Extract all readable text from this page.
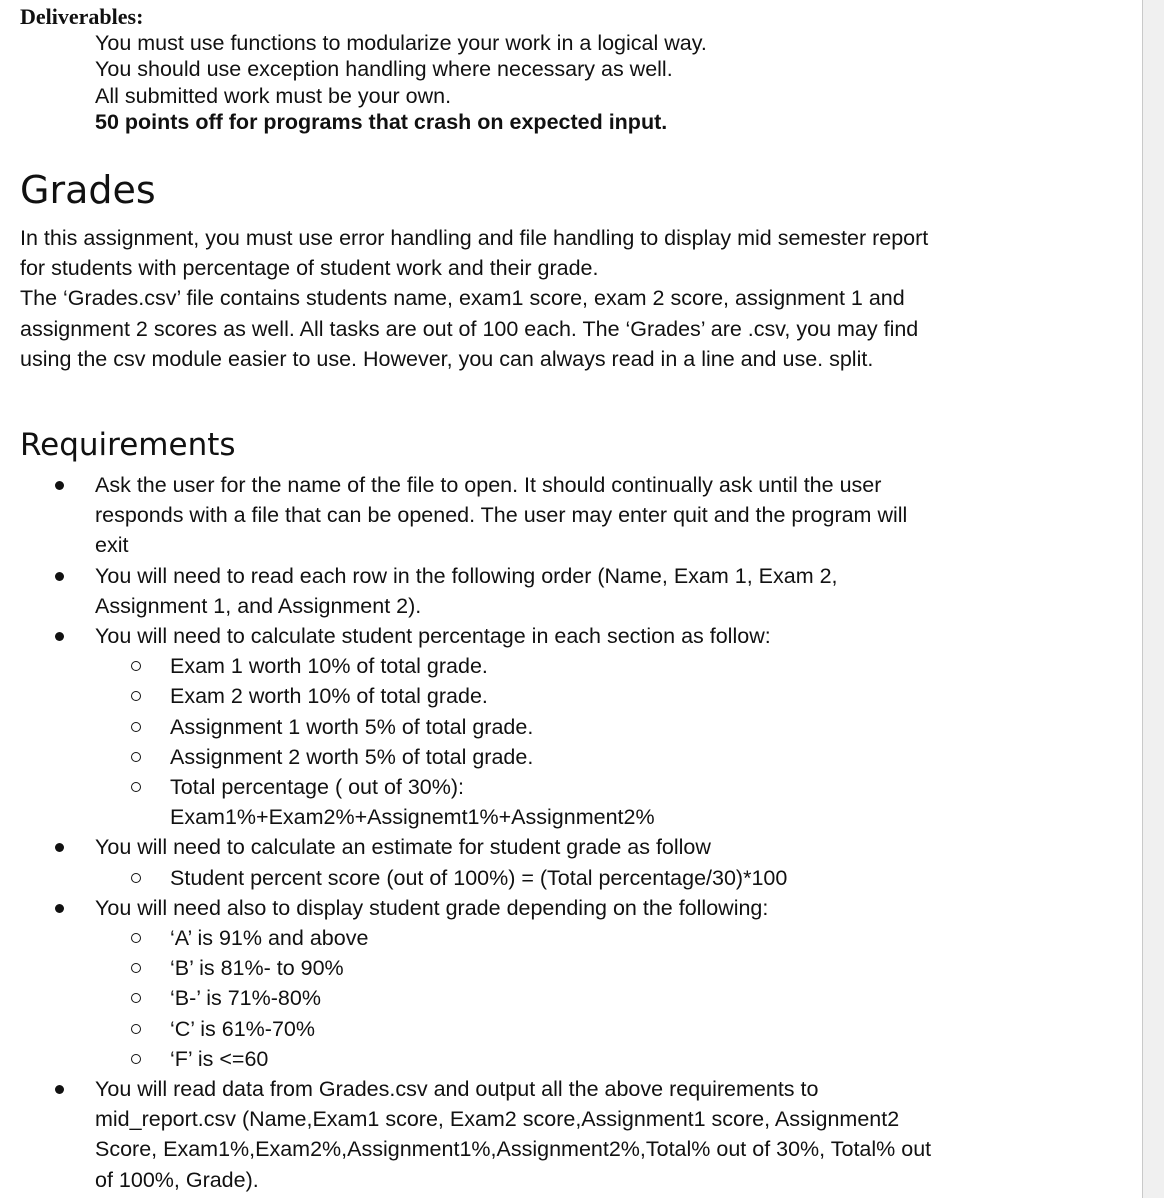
Deliverables:
You must use functions to modularize your work in a logical way.
You should use exception handling where necessary as well.
All submitted work must be your own.
50 points off for programs that crash on expected input.
Grades
In this assignment, you must use error handling and file handling to display mid semester report
for students with percentage of student work and their grade.
The ‘Grades.csv’ file contains students name, exam1 score, exam 2 score, assignment 1 and
assignment 2 scores as well. All tasks are out of 100 each. The ‘Grades’ are .csv, you may find
using the csv module easier to use. However, you can always read in a line and use. split.
Requirements
Ask the user for the name of the file to open. It should continually ask until the user
responds with a file that can be opened. The user may enter quit and the program will
exit
You will need to read each row in the following order (Name, Exam 1, Exam 2,
Assignment 1, and Assignment 2).
You will need to calculate student percentage in each section as follow:
Exam 1 worth 10% of total grade.
Exam 2 worth 10% of total grade.
Assignment 1 worth 5% of total grade.
Assignment 2 worth 5% of total grade.
Total percentage ( out of 30%):
Exam1%+Exam2%+Assignemt1%+Assignment2%
You will need to calculate an estimate for student grade as follow
Student percent score (out of 100%) = (Total percentage/30)*100
You will need also to display student grade depending on the following:
‘A’ is 91% and above
‘B’ is 81%- to 90%
‘B-’ is 71%-80%
‘C’ is 61%-70%
‘F’ is <=60
You will read data from Grades.csv and output all the above requirements to
mid_report.csv (Name,Exam1 score, Exam2 score,Assignment1 score, Assignment2
Score, Exam1%,Exam2%,Assignment1%,Assignment2%,Total% out of 30%, Total% out
of 100%, Grade).
